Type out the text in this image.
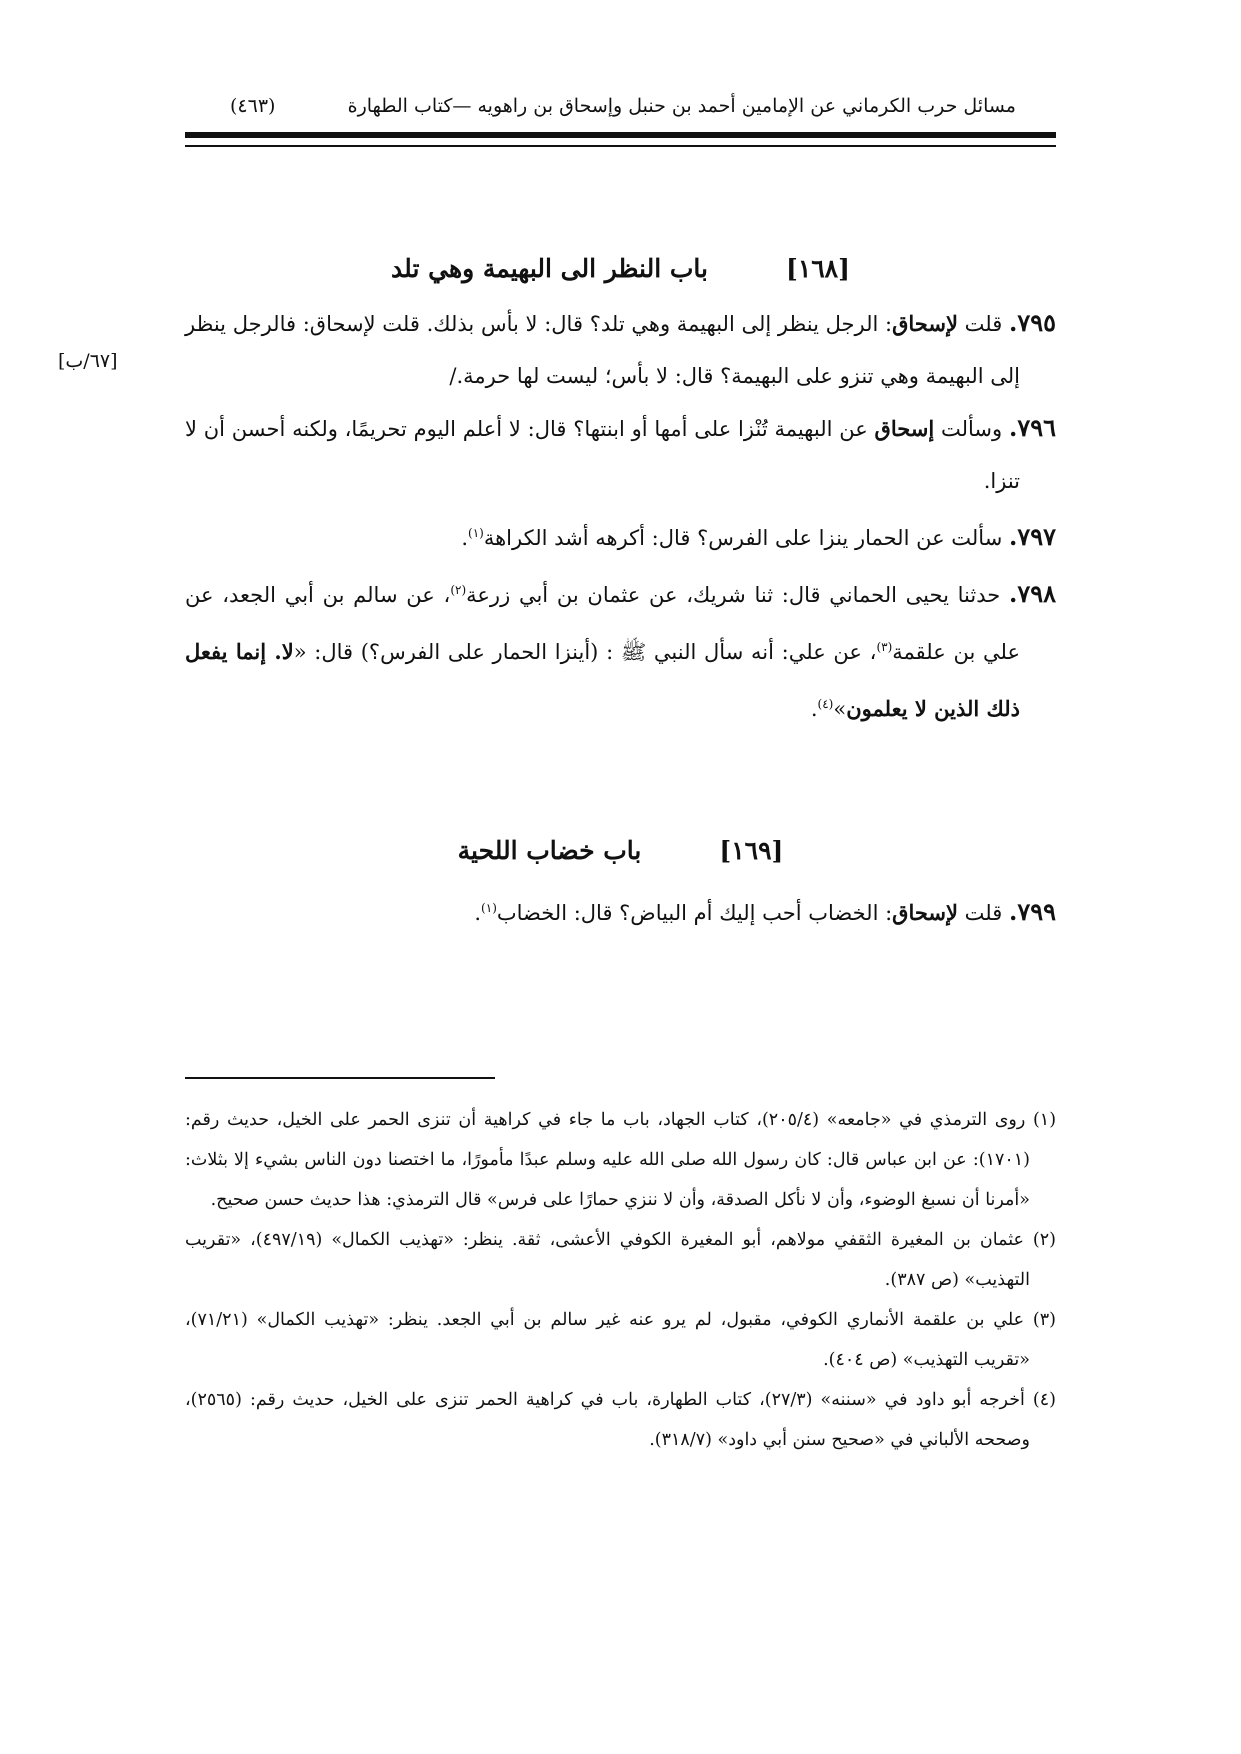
مسائل حرب الكرماني عن الإمامين أحمد بن حنبل وإسحاق بن راهويه —كتاب الطهارة
(٤٦٣)
[١٦٨]
باب النظر الى البهيمة وهي تلد
[٦٧/ب]
٧٩٥. قلت لإسحاق: الرجل ينظر إلى البهيمة وهي تلد؟ قال: لا بأس بذلك. قلت لإسحاق: فالرجل ينظر إلى البهيمة وهي تنزو على البهيمة؟ قال: لا بأس؛ ليست لها حرمة./
٧٩٦. وسألت إسحاق عن البهيمة تُنْزا على أمها أو ابنتها؟ قال: لا أعلم اليوم تحريمًا، ولكنه أحسن أن لا تنزا.
٧٩٧. سألت عن الحمار ينزا على الفرس؟ قال: أكرهه أشد الكراهة$^{(١)}$.
٧٩٨. حدثنا يحيى الحماني قال: ثنا شريك، عن عثمان بن أبي زرعة$^{(٢)}$، عن سالم بن أبي الجعد، عن علي بن علقمة$^{(٣)}$، عن علي: أنه سأل النبي ﷺ : (أينزا الحمار على الفرس؟) قال: «لا. إنما يفعل ذلك الذين لا يعلمون»$^{(٤)}$.
[١٦٩]
باب خضاب اللحية
٧٩٩. قلت لإسحاق: الخضاب أحب إليك أم البياض؟ قال: الخضاب$^{(١)}$.
(١) روى الترمذي في «جامعه» (٢٠٥/٤)، كتاب الجهاد، باب ما جاء في كراهية أن تنزى الحمر على الخيل، حديث رقم: (١٧٠١): عن ابن عباس قال: كان رسول الله صلى الله عليه وسلم عبدًا مأمورًا، ما اختصنا دون الناس بشيء إلا بثلاث: «أمرنا أن نسبغ الوضوء، وأن لا نأكل الصدقة، وأن لا ننزي حمارًا على فرس» قال الترمذي: هذا حديث حسن صحيح.
(٢) عثمان بن المغيرة الثقفي مولاهم، أبو المغيرة الكوفي الأعشى، ثقة. ينظر: «تهذيب الكمال» (٤٩٧/١٩)، «تقريب التهذيب» (ص ٣٨٧).
(٣) علي بن علقمة الأنماري الكوفي، مقبول، لم يرو عنه غير سالم بن أبي الجعد. ينظر: «تهذيب الكمال» (٧١/٢١)، «تقريب التهذيب» (ص ٤٠٤).
(٤) أخرجه أبو داود في «سننه» (٢٧/٣)، كتاب الطهارة، باب في كراهية الحمر تنزى على الخيل، حديث رقم: (٢٥٦٥)، وصححه الألباني في «صحيح سنن أبي داود» (٣١٨/٧).
